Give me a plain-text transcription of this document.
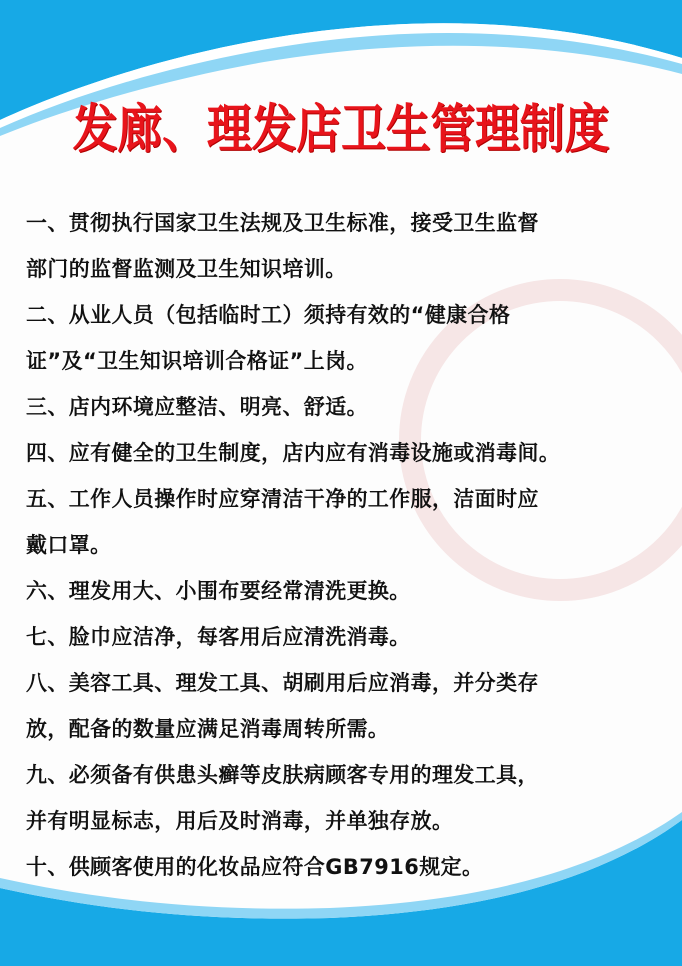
发廊、理发店卫生管理制度
一、贯彻执行国家卫生法规及卫生标准，接受卫生监督
部门的监督监测及卫生知识培训。
二、从业人员（包括临时工）须持有效的“健康合格
证”及“卫生知识培训合格证”上岗。
三、店内环境应整洁、明亮、舒适。
四、应有健全的卫生制度，店内应有消毒设施或消毒间。
五、工作人员操作时应穿清洁干净的工作服，洁面时应
戴口罩。
六、理发用大、小围布要经常清洗更换。
七、脸巾应洁净，每客用后应清洗消毒。
八、美容工具、理发工具、胡刷用后应消毒，并分类存
放，配备的数量应满足消毒周转所需。
九、必须备有供患头癣等皮肤病顾客专用的理发工具，
并有明显标志，用后及时消毒，并单独存放。
十、供顾客使用的化妆品应符合GB7916规定。
